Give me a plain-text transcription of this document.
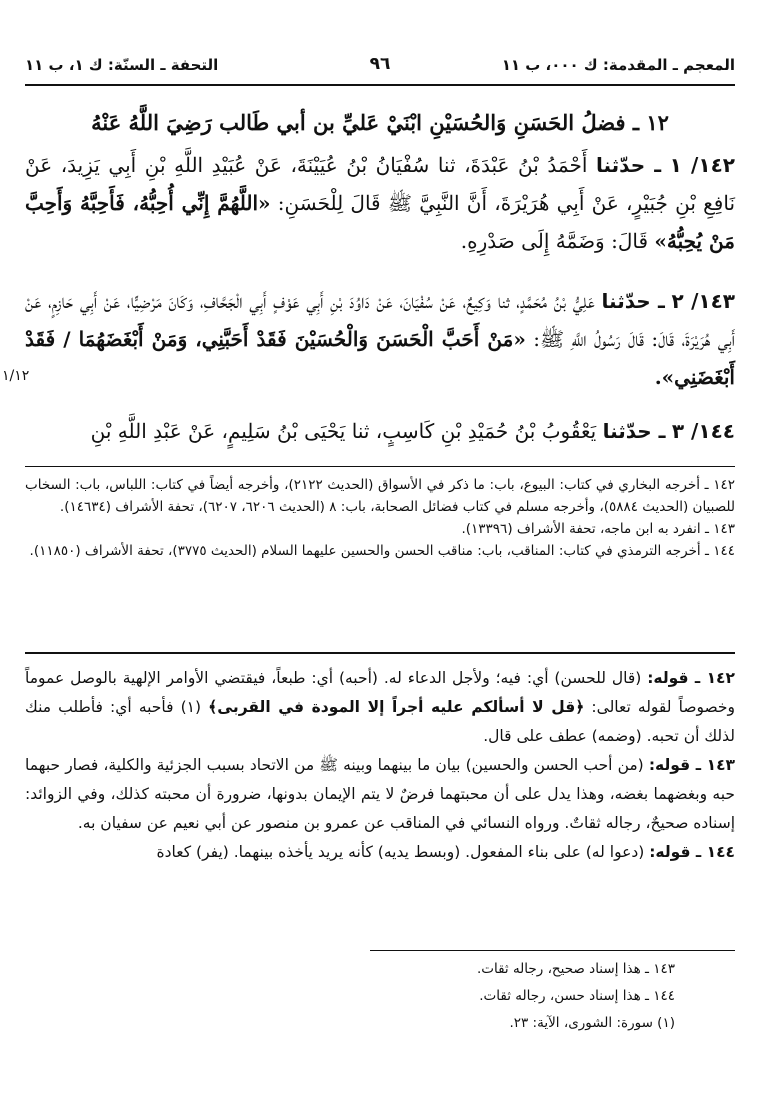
المعجم ـ المقدمة: ك ٠٠٠، ب ١١
٩٦
التحفة ـ السنّة: ك ١، ب ١١
١٢ ـ فضلُ الحَسَنِ وَالحُسَيْنِ ابْنَيْ عَليِّ بن أبي طَالب رَضِيَ اللَّهُ عَنْهُ
١٤٢/ ١ ـ حدّثنا أَحْمَدُ بْنُ عَبْدَةَ، ثنا سُفْيَانُ بْنُ عُيَيْنَةَ، عَنْ عُبَيْدِ اللَّهِ بْنِ أَبِي يَزِيدَ، عَنْ نَافِعِ بْنِ جُبَيْرٍ، عَنْ أَبِي هُرَيْرَةَ، أَنَّ النَّبِيَّ ﷺ قَالَ لِلْحَسَنِ: «اللَّهُمَّ إِنِّي أُحِبُّهُ، فَأَحِبَّهُ وَأَحِبَّ مَنْ يُحِبُّهُ» قَالَ: وَضَمَّهُ إِلَى صَدْرِهِ.
١٤٣/ ٢ ـ حدّثنا عَلِيُّ بْنُ مُحَمَّدٍ، ثنا وَكِيعٌ، عَنْ سُفْيَانَ، عَنْ دَاوُدَ بْنِ أَبِي عَوْفٍ أَبِي الْجَحَّافِ، وَكَانَ مَرْضِيًّا، عَنْ أَبِي حَازِمٍ، عَنْ أَبِي هُرَيْرَةَ، قَالَ: قَالَ رَسُولُ اللَّهِ ﷺ: «مَنْ أَحَبَّ الْحَسَنَ وَالْحُسَيْنَ فَقَدْ أَحَبَّنِي، وَمَنْ أَبْغَضَهُمَا / فَقَدْ أَبْغَضَنِي».
١/١٢
١٤٤/ ٣ ـ حدّثنا يَعْقُوبُ بْنُ حُمَيْدِ بْنِ كَاسِبٍ، ثنا يَحْيَى بْنُ سَلِيمٍ، عَنْ عَبْدِ اللَّهِ بْنِ

١٤٢ ـ أخرجه البخاري في كتاب: البيوع، باب: ما ذكر في الأسواق (الحديث ٢١٢٢)، وأخرجه أيضاً في كتاب: اللباس، باب: السخاب للصبيان (الحديث ٥٨٨٤)، وأخرجه مسلم في كتاب فضائل الصحابة، باب: ٨ (الحديث ٦٢٠٦، ٦٢٠٧)، تحفة الأشراف (١٤٦٣٤).

١٤٣ ـ انفرد به ابن ماجه، تحفة الأشراف (١٣٣٩٦).

١٤٤ ـ أخرجه الترمذي في كتاب: المناقب، باب: مناقب الحسن والحسين عليهما السلام (الحديث ٣٧٧٥)، تحفة الأشراف (١١٨٥٠).

١٤٢ ـ قوله: (قال للحسن) أي: فيه؛ ولأجل الدعاء له. (أحبه) أي: طبعاً، فيقتضي الأوامر الإلهية بالوصل عموماً وخصوصاً لقوله تعالى: ﴿قل لا أسألكم عليه أجراً إلا المودة في القربى﴾ (١) فأحبه أي: فأطلب منك لذلك أن تحبه. (وضمه) عطف على قال.

١٤٣ ـ قوله: (من أحب الحسن والحسين) بيان ما بينهما وبينه ﷺ من الاتحاد بسبب الجزئية والكلية، فصار حبهما حبه وبغضهما بغضه، وهذا يدل على أن محبتهما فرضٌ لا يتم الإيمان بدونها، ضرورة أن محبته كذلك، وفي الزوائد: إسناده صحيحٌ، رجاله ثقاتٌ. ورواه النسائي في المناقب عن عمرو بن منصور عن أبي نعيم عن سفيان به.

١٤٤ ـ قوله: (دعوا له) على بناء المفعول. (وبسط يديه) كأنه يريد يأخذه بينهما. (يفر) كعادة

١٤٣ ـ هذا إسناد صحيح، رجاله ثقات.

١٤٤ ـ هذا إسناد حسن، رجاله ثقات.

(١) سورة: الشورى، الآية: ٢٣.
